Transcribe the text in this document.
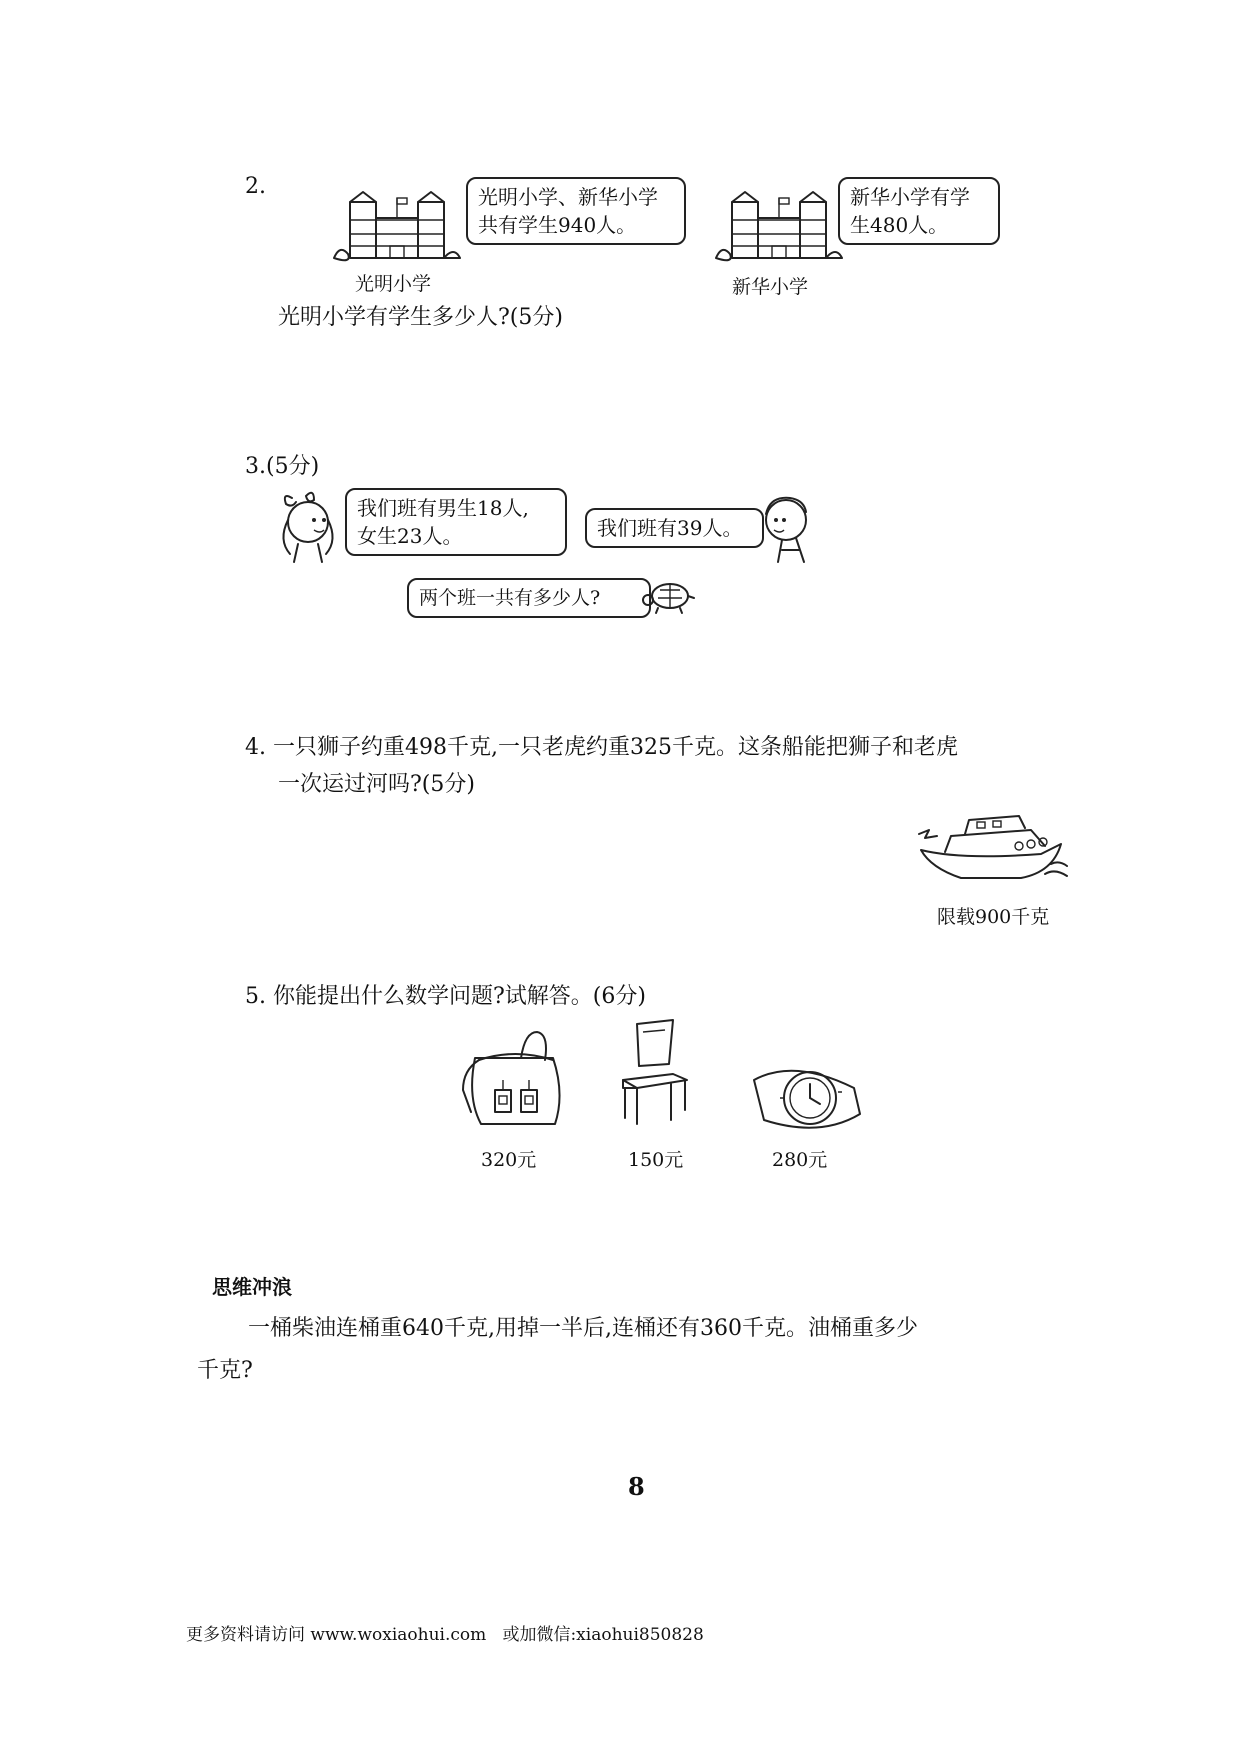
2.	光明小学、新华小学
共有学生940人。
光明小学
新华小学有学
生480人。
新华小学
光明小学有学生多少人?(5分)
3.(5分)
我们班有男生18人,
女生23人。	我们班有39人。
两个班一共有多少人?
4. 一只狮子约重498千克,一只老虎约重325千克。这条船能把狮子和老虎
一次运过河吗?(5分)
限载900千克
5. 你能提出什么数学问题?试解答。(6分)
320元	150元	280元
思维冲浪
一桶柴油连桶重640千克,用掉一半后,连桶还有360千克。油桶重多少
千克?
8
更多资料请访问 www.woxiaohui.com   或加微信:xiaohui850828
